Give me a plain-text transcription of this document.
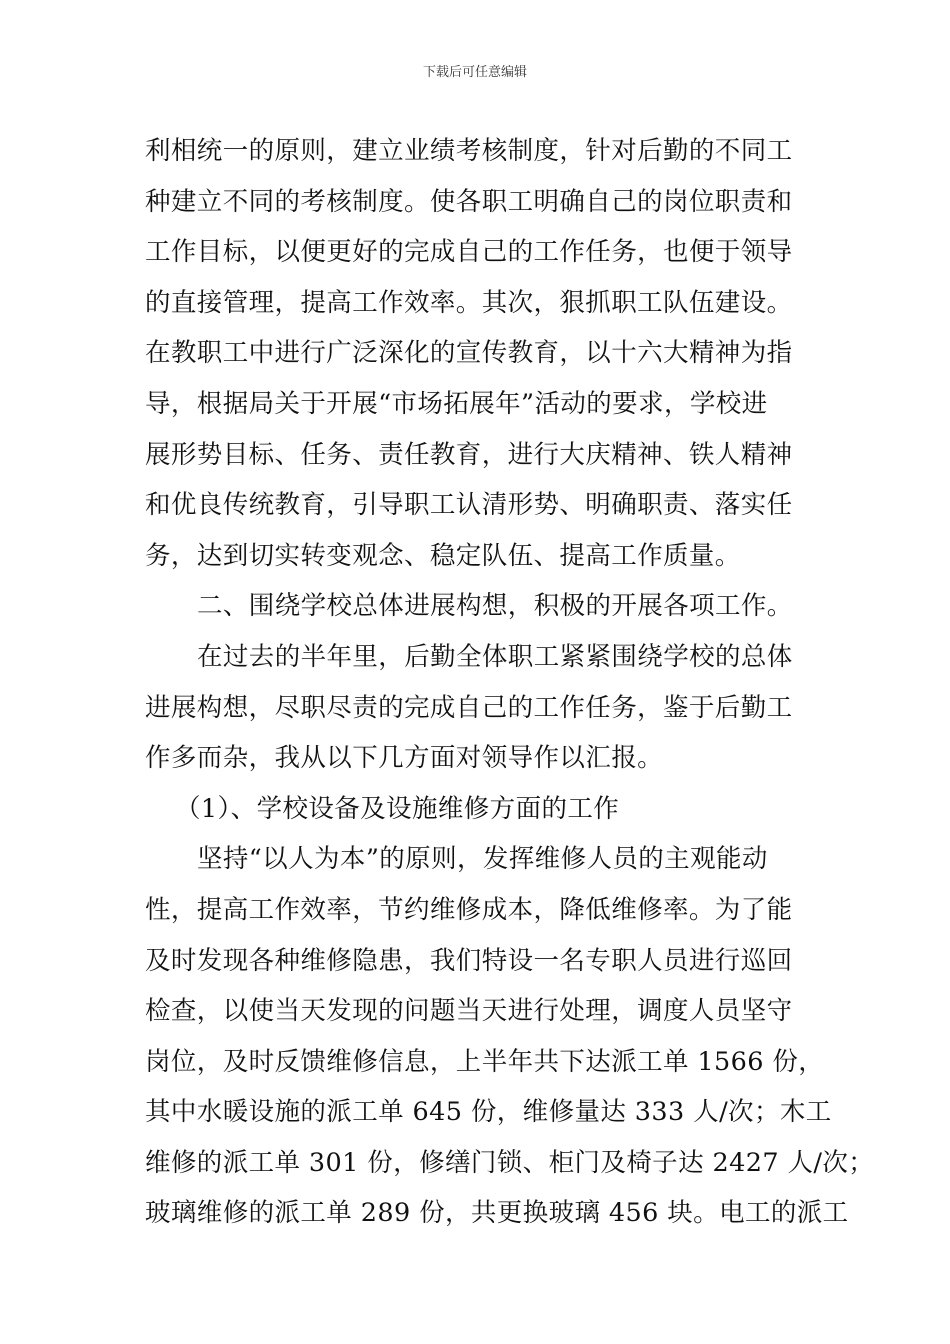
下载后可任意编辑
利相统一的原则，建立业绩考核制度，针对后勤的不同工
种建立不同的考核制度。使各职工明确自己的岗位职责和
工作目标，以便更好的完成自己的工作任务，也便于领导
的直接管理，提高工作效率。其次，狠抓职工队伍建设。
在教职工中进行广泛深化的宣传教育，以十六大精神为指
导，根据局关于开展“市场拓展年”活动的要求，学校进
展形势目标、任务、责任教育，进行大庆精神、铁人精神
和优良传统教育，引导职工认清形势、明确职责、落实任
务，达到切实转变观念、稳定队伍、提高工作质量。
二、围绕学校总体进展构想，积极的开展各项工作。
在过去的半年里，后勤全体职工紧紧围绕学校的总体
进展构想，尽职尽责的完成自己的工作任务，鉴于后勤工
作多而杂，我从以下几方面对领导作以汇报。
（1）、学校设备及设施维修方面的工作
坚持“以人为本”的原则，发挥维修人员的主观能动
性，提高工作效率，节约维修成本，降低维修率。为了能
及时发现各种维修隐患，我们特设一名专职人员进行巡回
检查，以使当天发现的问题当天进行处理，调度人员坚守
岗位，及时反馈维修信息，上半年共下达派工单 1566 份，
其中水暖设施的派工单 645 份，维修量达 333 人/次；木工
维修的派工单 301 份，修缮门锁、柜门及椅子达 2427 人/次；
玻璃维修的派工单 289 份，共更换玻璃 456 块。电工的派工
